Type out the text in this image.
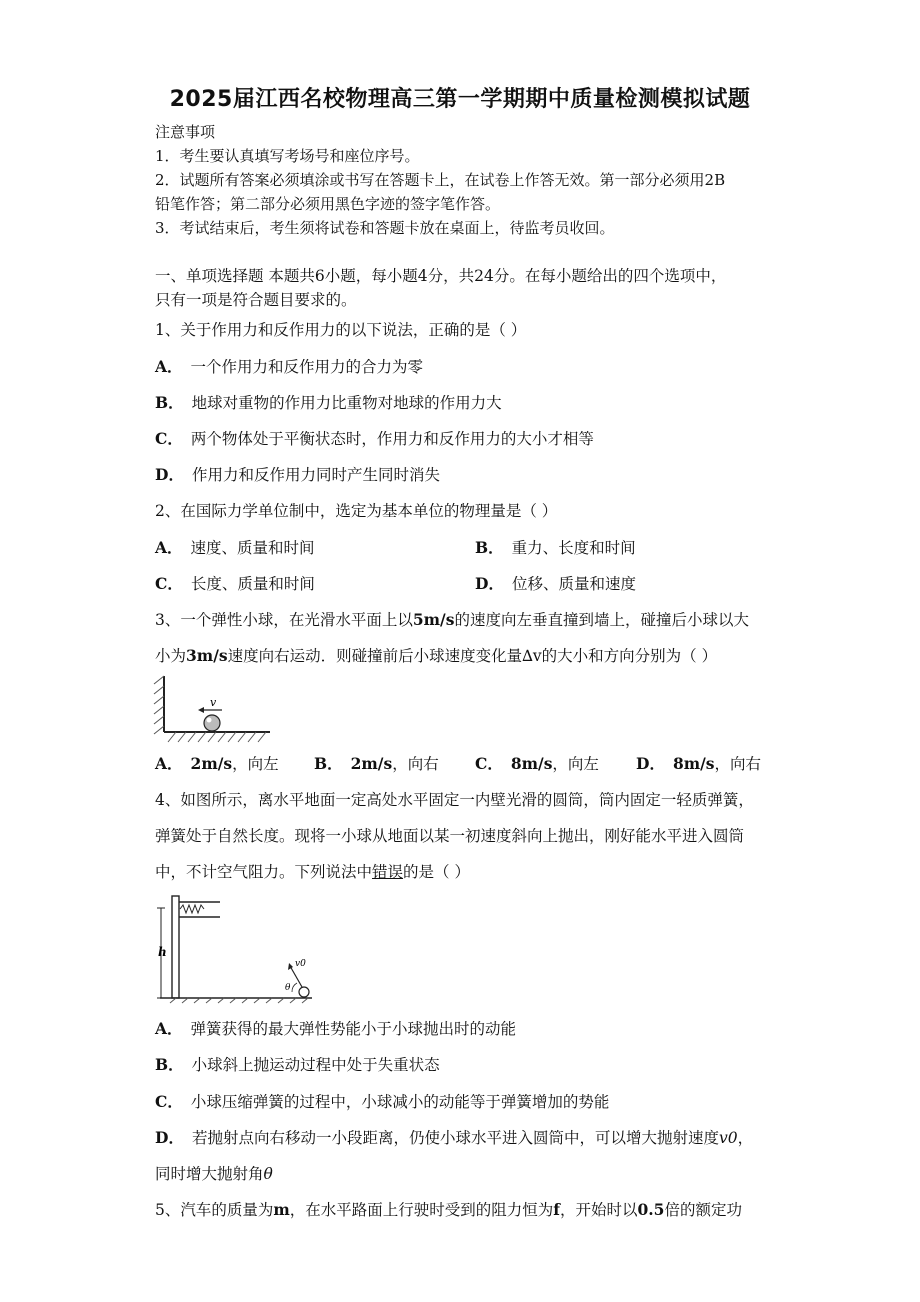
2025届江西名校物理高三第一学期期中质量检测模拟试题
注意事项
1．考生要认真填写考场号和座位序号。
2．试题所有答案必须填涂或书写在答题卡上，在试卷上作答无效。第一部分必须用2B
铅笔作答；第二部分必须用黑色字迹的签字笔作答。
3．考试结束后，考生须将试卷和答题卡放在桌面上，待监考员收回。
一、单项选择题 本题共6小题，每小题4分，共24分。在每小题给出的四个选项中，
只有一项是符合题目要求的。
1、关于作用力和反作用力的以下说法，正确的是（ ）
A． 一个作用力和反作用力的合力为零
B． 地球对重物的作用力比重物对地球的作用力大
C． 两个物体处于平衡状态时，作用力和反作用力的大小才相等
D． 作用力和反作用力同时产生同时消失
2、在国际力学单位制中，选定为基本单位的物理量是（ ）
A． 速度、质量和时间	B． 重力、长度和时间
C． 长度、质量和时间	D． 位移、质量和速度
3、一个弹性小球，在光滑水平面上以5m/s的速度向左垂直撞到墙上，碰撞后小球以大
小为3m/s速度向右运动．则碰撞前后小球速度变化量∆v的大小和方向分别为（ ）
v
A． 2m/s，向左 B． 2m/s，向右 C． 8m/s，向左 D． 8m/s，向右
4、如图所示，离水平地面一定高处水平固定一内壁光滑的圆筒，筒内固定一轻质弹簧，
弹簧处于自然长度。现将一小球从地面以某一初速度斜向上抛出，刚好能水平进入圆筒
中，不计空气阻力。下列说法中错误的是（ ）
h
v0
θ
A． 弹簧获得的最大弹性势能小于小球抛出时的动能
B． 小球斜上抛运动过程中处于失重状态
C． 小球压缩弹簧的过程中，小球减小的动能等于弹簧增加的势能
D． 若抛射点向右移动一小段距离，仍使小球水平进入圆筒中，可以增大抛射速度v0，
同时增大抛射角θ
5、汽车的质量为m，在水平路面上行驶时受到的阻力恒为f，开始时以0.5倍的额定功
